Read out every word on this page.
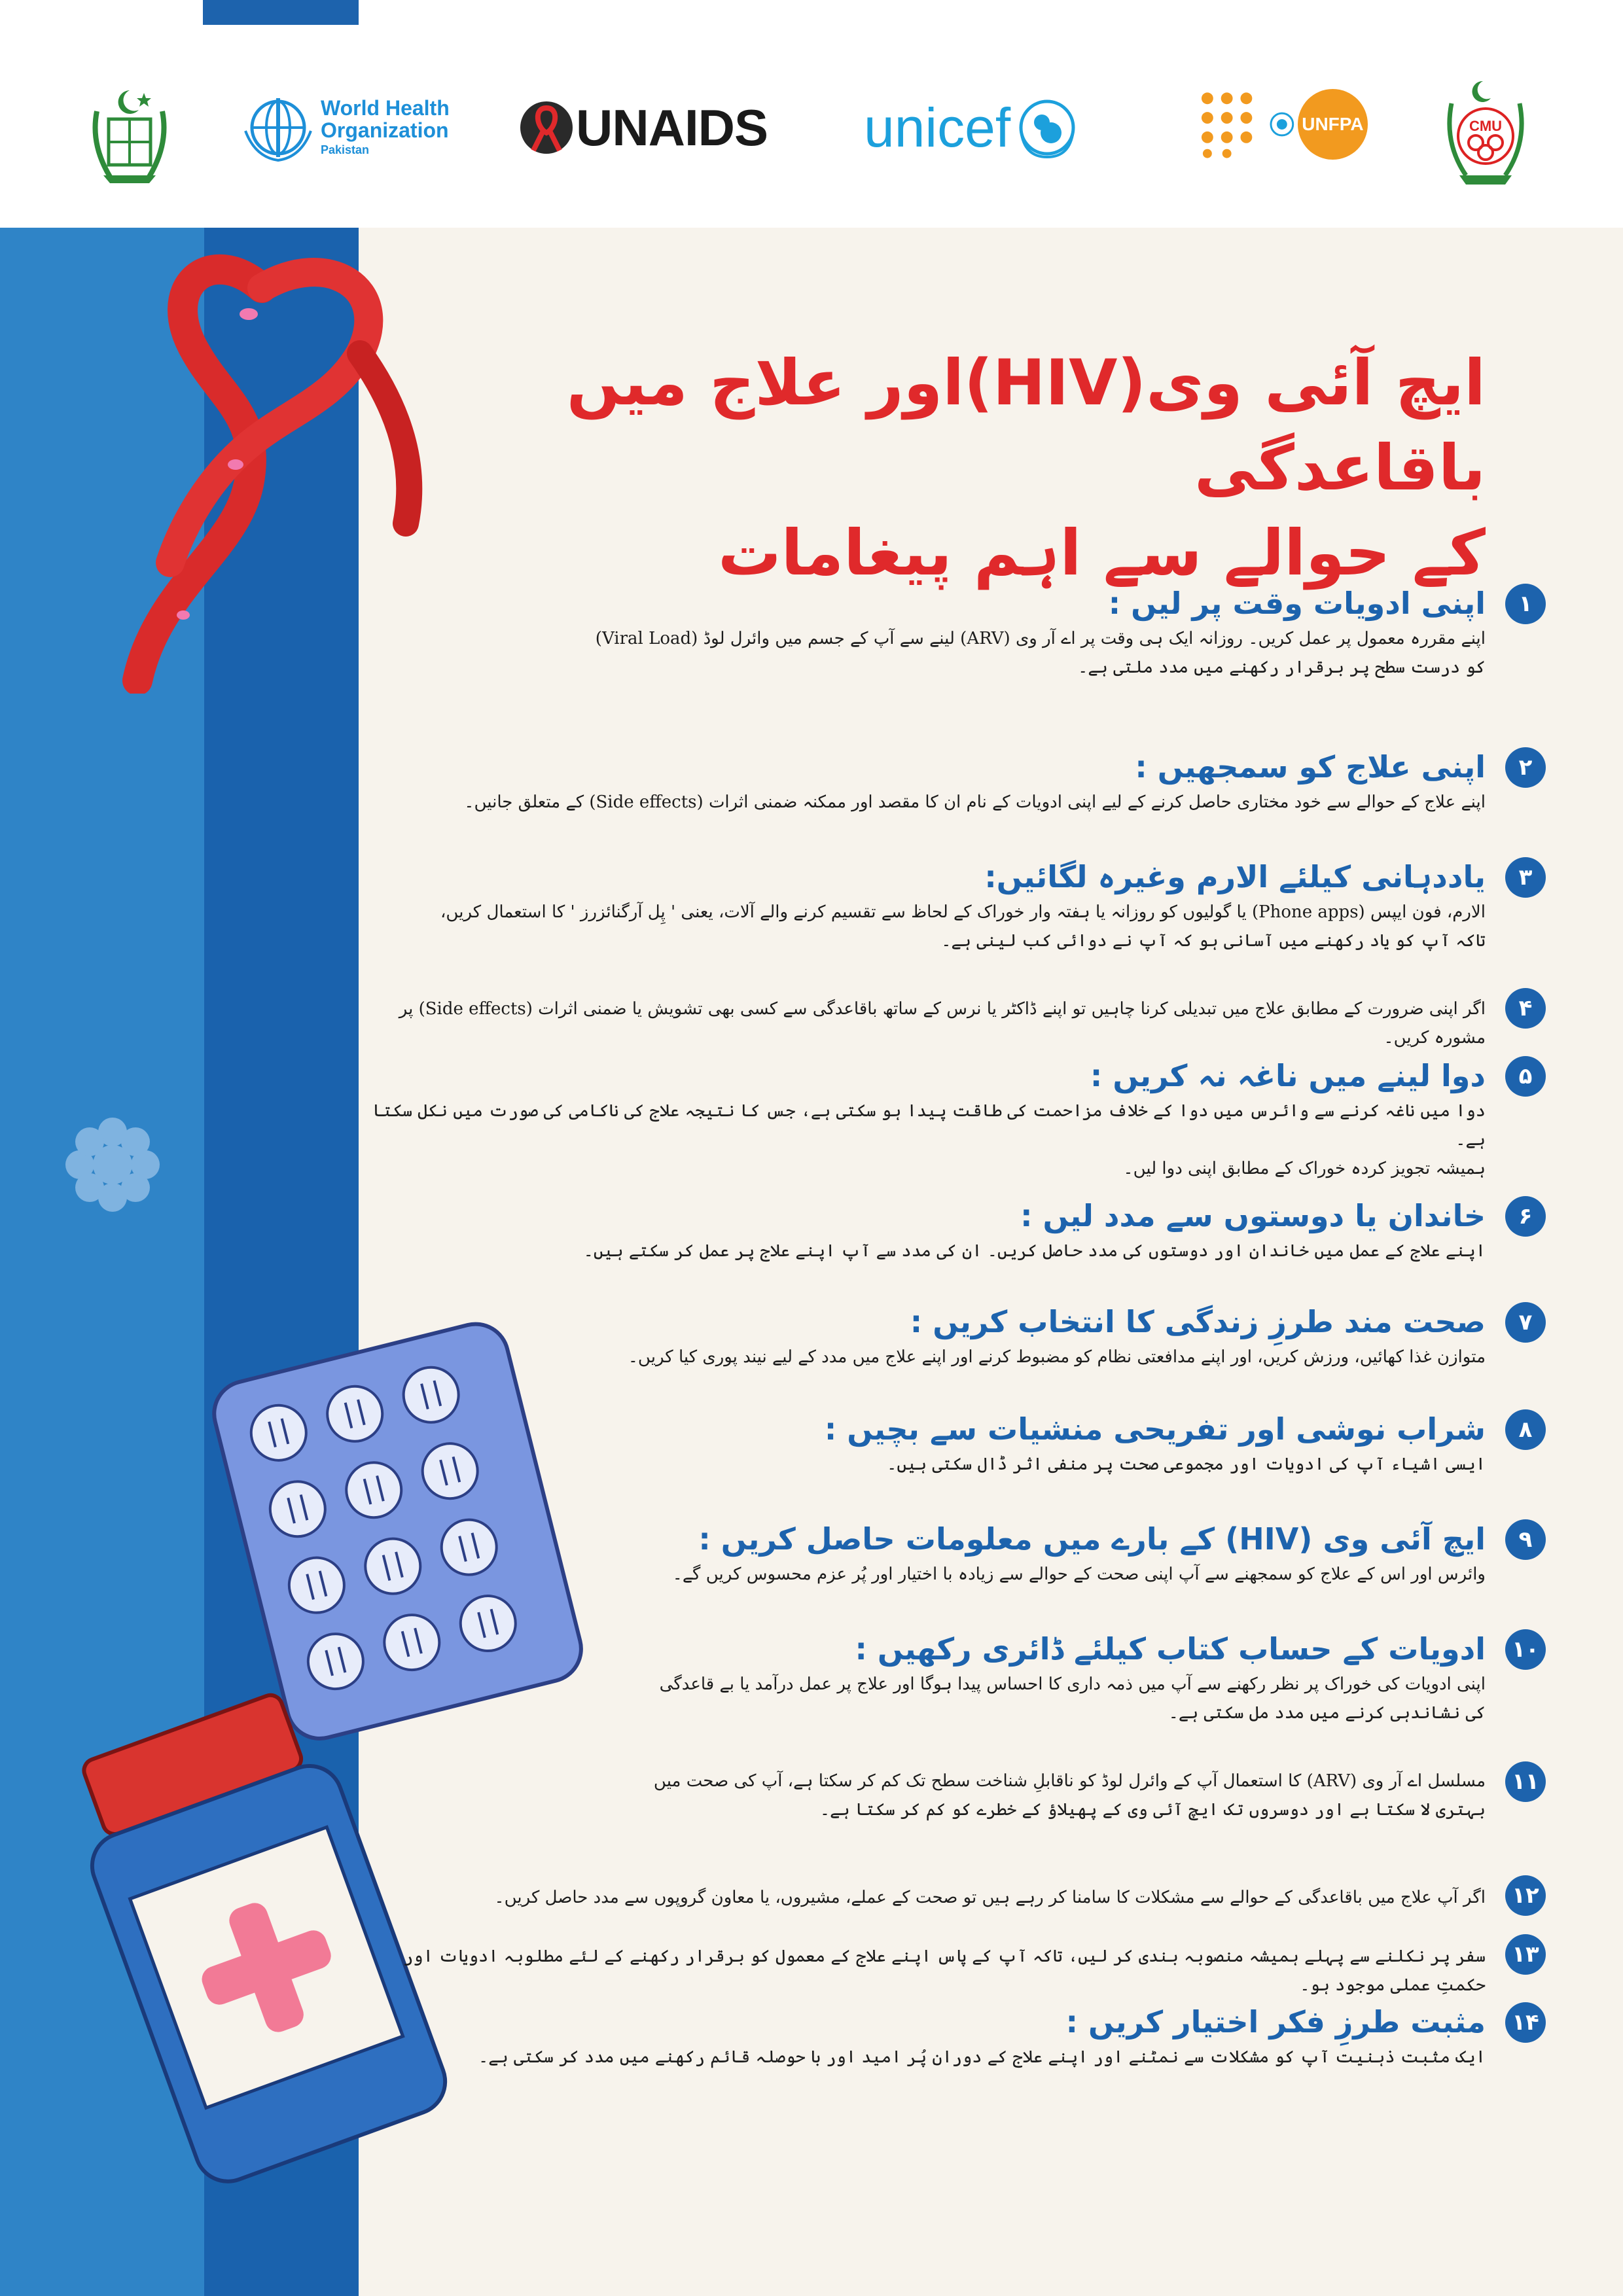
World Health
Organization
Pakistan	UNAIDS unicef	UNFPA	CMU
ایچ آئی وی(HIV)اور علاج میں باقاعدگی
کے حوالے سے اہم پیغامات
۱
اپنی ادویات وقت پر لیں :
اپنے مقررہ معمول پر عمل کریں۔ روزانہ ایک ہی وقت پر اے آر وی (ARV) لینے سے آپ کے جسم میں وائرل لوڈ (Viral Load)
کو درست سطح پر برقرار رکھنے میں مدد ملتی ہے۔
۲
اپنی علاج کو سمجھیں :
اپنے علاج کے حوالے سے خود مختاری حاصل کرنے کے لیے اپنی ادویات کے نام ان کا مقصد اور ممکنہ ضمنی اثرات (Side effects) کے متعلق جانیں۔
۳
یاددہانی کیلئے الارم وغیرہ لگائیں:
الارم، فون ایپس (Phone apps) یا گولیوں کو روزانہ یا ہفتہ وار خوراک کے لحاظ سے تقسیم کرنے والے آلات، یعنی ' پِل آرگنائزرز ' کا استعمال کریں،
تاکہ آپ کو یاد رکھنے میں آسانی ہو کہ آپ نے دوائی کب لینی ہے۔
۴
اگر اپنی ضرورت کے مطابق علاج میں تبدیلی کرنا چاہیں تو اپنے ڈاکٹر یا نرس کے ساتھ باقاعدگی سے کسی بھی تشویش یا ضمنی اثرات (Side effects) پر مشورہ کریں۔
۵
دوا لینے میں ناغہ نہ کریں :
دوا میں ناغہ کرنے سے وائرس میں دوا کے خلاف مزاحمت کی طاقت پیدا ہو سکتی ہے، جس کا نتیجہ علاج کی ناکامی کی صورت میں نکل سکتا ہے۔
ہمیشہ تجویز کردہ خوراک کے مطابق اپنی دوا لیں۔
۶
خاندان یا دوستوں سے مدد لیں :
اپنے علاج کے عمل میں خاندان اور دوستوں کی مدد حاصل کریں۔ ان کی مدد سے آپ اپنے علاج پر عمل کر سکتے ہیں۔
۷
صحت مند طرزِ زندگی کا انتخاب کریں :
متوازن غذا کھائیں، ورزش کریں، اور اپنے مدافعتی نظام کو مضبوط کرنے اور اپنے علاج میں مدد کے لیے نیند پوری کیا کریں۔
۸
شراب نوشی اور تفریحی منشیات سے بچیں :
ایسی اشیاء آپ کی ادویات اور مجموعی صحت پر منفی اثر ڈال سکتی ہیں۔
۹
ایچ آئی وی (HIV) کے بارے میں معلومات حاصل کریں :
وائرس اور اس کے علاج کو سمجھنے سے آپ اپنی صحت کے حوالے سے زیادہ با اختیار اور پُر عزم محسوس کریں گے۔
۱۰
ادویات کے حساب کتاب کیلئے ڈائری رکھیں :
اپنی ادویات کی خوراک پر نظر رکھنے سے آپ میں ذمہ داری کا احساس پیدا ہوگا اور علاج پر عمل درآمد یا بے قاعدگی
کی نشاندہی کرنے میں مدد مل سکتی ہے۔
۱۱
مسلسل اے آر وی (ARV) کا استعمال آپ کے وائرل لوڈ کو ناقابلِ شناخت سطح تک کم کر سکتا ہے، آپ کی صحت میں
بہتری لا سکتا ہے اور دوسروں تک ایچ آئی وی کے پھیلاؤ کے خطرے کو کم کر سکتا ہے۔
۱۲
اگر آپ علاج میں باقاعدگی کے حوالے سے مشکلات کا سامنا کر رہے ہیں تو صحت کے عملے، مشیروں، یا معاون گروپوں سے مدد حاصل کریں۔
۱۳
سفر پر نکلنے سے پہلے ہمیشہ منصوبہ بندی کر لیں، تاکہ آپ کے پاس اپنے علاج کے معمول کو برقرار رکھنے کے لئے مطلوبہ ادویات اور حکمتِ عملی موجود ہو۔
۱۴
مثبت طرزِ فکر اختیار کریں :
ایک مثبت ذہنیت آپ کو مشکلات سے نمٹنے اور اپنے علاج کے دوران پُر امید اور با حوصلہ قائم رکھنے میں مدد کر سکتی ہے۔
